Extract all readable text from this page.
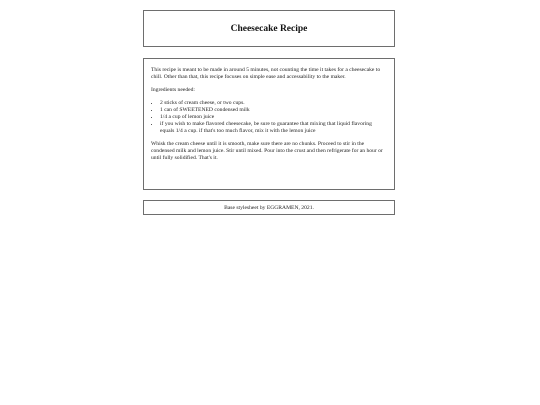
Cheesecake Recipe

This recipe is meant to be made in around 5 minutes, not counting the time it takes for a cheesecake to chill. Other than that, this recipe focuses on simple ease and accessability to the maker.

Ingredients needed:

• 2 sticks of cream cheese, or two cups.
• 1 can of SWEETENED condensed milk
• 1/4 a cup of lemon juice
• if you wish to make flavored cheesecake, be sure to guarantee that mixing that liquid flavoring equals 1/4 a cup. if that's too much flavor, mix it with the lemon juice

Whisk the cream cheese until it is smooth, make sure there are no chunks. Proceed to stir in the condensed milk and lemon juice. Stir until mixed. Pour into the crust and then refrigerate for an hour or until fully solidified. That's it.

Base stylesheet by EGGRAMEN, 2021.
